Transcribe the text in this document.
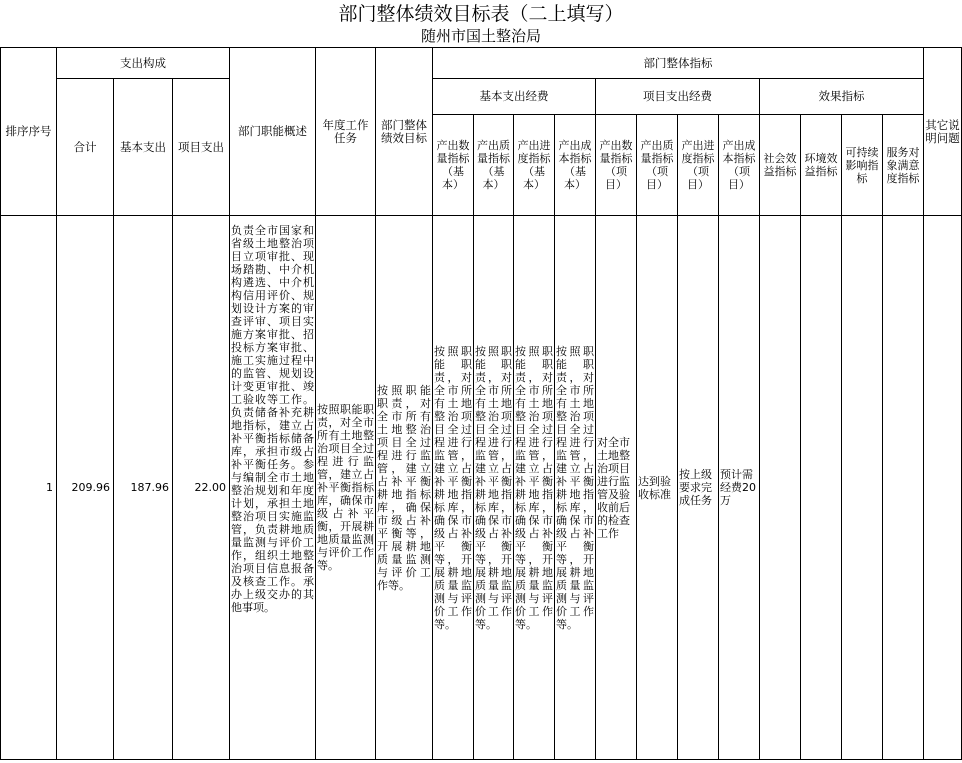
部门整体绩效目标表（二上填写）
随州市国土整治局
排序序号	支出构成			部门职能概述	年度工作任务	部门整体绩效目标	部门整体指标												其它说明问题
	合计	基本支出	项目支出				基本支出经费				项目支出经费				效果指标				
							产出数量指标（基本）	产出质量指标（基本）	产出进度指标（基本）	产出成本指标（基本）	产出数量指标（项目）	产出质量指标（项目）	产出进度指标（项目）	产出成本指标（项目）	社会效益指标	环境效益指标	可持续影响指标	服务对象满意度指标	
1	209.96	187.96	22.00	负责全市国家和省级土地整治项目立项审批、现场踏勘、中介机构遴选、中介机构信用评价、规划设计方案的审查评审、项目实施方案审批、招投标方案审批、施工实施过程中的监管、规划设计变更审批、竣工验收等工作。负责储备补充耕地指标，建立占补平衡指标储备库，承担市级占补平衡任务。参与编制全市土地整治规划和年度计划，承担土地整治项目实施监管，负责耕地质量监测与评价工作，组织土地整治项目信息报备及核查工作。承办上级交办的其他事项。	按照职能职责，对全市所有土地整治项目全过程进行监管，建立占补平衡指标库，确保市级占补平衡，开展耕地质量监测与评价工作等。	按照职能职责，对全市所有土地整治项目全过程进行监管，建立占补平衡耕地指标库，确保市级占补平衡等，开展耕地质量监测与评价工作等。	按照职能职责，对全市所有土地整治项目全过程进行监管，建立占补平衡耕地指标库，确保市级占补平衡等，开展耕地质量监测与评价工作等。	按照职能职责，对全市所有土地整治项目全过程进行监管，建立占补平衡耕地指标库，确保市级占补平衡等，开展耕地质量监测与评价工作等。	按照职能职责，对全市所有土地整治项目全过程进行监管，建立占补平衡耕地指标库，确保市级占补平衡等，开展耕地质量监测与评价工作等。	按照职能职责，对全市所有土地整治项目全过程进行监管，建立占补平衡耕地指标库，确保市级占补平衡等，开展耕地质量监测与评价工作等。	对全市土地整治项目进行监管及验收前后的检查工作	达到验收标准	按上级要求完成任务	预计需经费20万					
